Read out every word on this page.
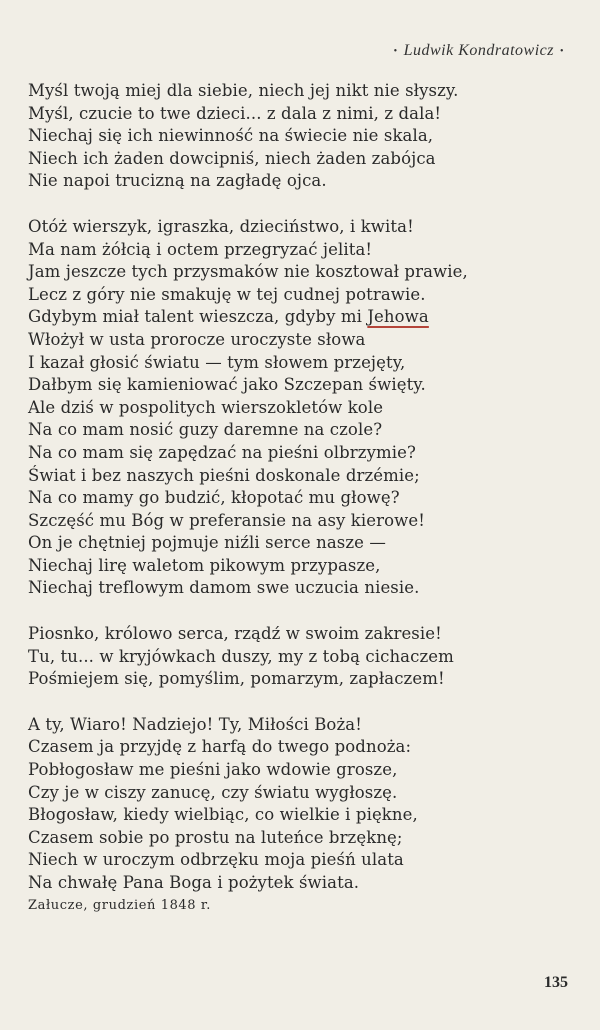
• Ludwik Kondratowicz •
Myśl twoją miej dla siebie, niech jej nikt nie słyszy.
Myśl, czucie to twe dzieci... z dala z nimi, z dala!
Niechaj się ich niewinność na świecie nie skala,
Niech ich żaden dowcipniś, niech żaden zabójca
Nie napoi trucizną na zagładę ojca.
Otóż wierszyk, igraszka, dzieciństwo, i kwita!
Ma nam żółcią i octem przegryzać jelita!
Jam jeszcze tych przysmaków nie kosztował prawie,
Lecz z góry nie smakuję w tej cudnej potrawie.
Gdybym miał talent wieszcza, gdyby mi Jehowa
Włożył w usta prorocze uroczyste słowa
I kazał głosić światu — tym słowem przejęty,
Dałbym się kamieniować jako Szczepan święty.
Ale dziś w pospolitych wierszokletów kole
Na co mam nosić guzy daremne na czole?
Na co mam się zapędzać na pieśni olbrzymie?
Świat i bez naszych pieśni doskonale drzémie;
Na co mamy go budzić, kłopotać mu głowę?
Szczęść mu Bóg w preferansie na asy kierowe!
On je chętniej pojmuje niźli serce nasze —
Niechaj lirę waletom pikowym przypasze,
Niechaj treflowym damom swe uczucia niesie.
Piosnko, królowo serca, rządź w swoim zakresie!
Tu, tu... w kryjówkach duszy, my z tobą cichaczem
Pośmiejem się, pomyślim, pomarzym, zapłaczem!
A ty, Wiaro! Nadziejo! Ty, Miłości Boża!
Czasem ja przyjdę z harfą do twego podnoża:
Pobłogosław me pieśni jako wdowie grosze,
Czy je w ciszy zanucę, czy światu wygłoszę.
Błogosław, kiedy wielbiąc, co wielkie i piękne,
Czasem sobie po prostu na luteńce brzęknę;
Niech w uroczym odbrzęku moja pieśń ulata
Na chwałę Pana Boga i pożytek świata.
Załucze, grudzień 1848 r.
135
